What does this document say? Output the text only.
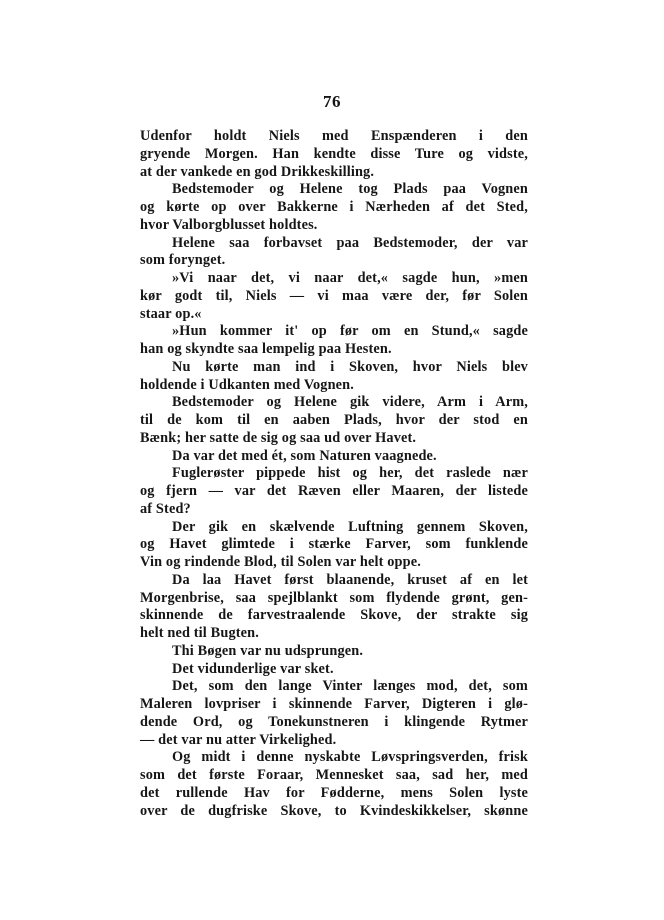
76
Udenfor holdt Niels med Enspænderen i den
gryende Morgen. Han kendte disse Ture og vidste,
at der vankede en god Drikkeskilling.
Bedstemoder og Helene tog Plads paa Vognen
og kørte op over Bakkerne i Nærheden af det Sted,
hvor Valborgblusset holdtes.
Helene saa forbavset paa Bedstemoder, der var
som forynget.
»Vi naar det, vi naar det,« sagde hun, »men
kør godt til, Niels — vi maa være der, før Solen
staar op.«
»Hun kommer it' op før om en Stund,« sagde
han og skyndte saa lempelig paa Hesten.
Nu kørte man ind i Skoven, hvor Niels blev
holdende i Udkanten med Vognen.
Bedstemoder og Helene gik videre, Arm i Arm,
til de kom til en aaben Plads, hvor der stod en
Bænk; her satte de sig og saa ud over Havet.
Da var det med ét, som Naturen vaagnede.
Fuglerøster pippede hist og her, det raslede nær
og fjern — var det Ræven eller Maaren, der listede
af Sted?
Der gik en skælvende Luftning gennem Skoven,
og Havet glimtede i stærke Farver, som funklende
Vin og rindende Blod, til Solen var helt oppe.
Da laa Havet først blaanende, kruset af en let
Morgenbrise, saa spejlblankt som flydende grønt, gen-
skinnende de farvestraalende Skove, der strakte sig
helt ned til Bugten.
Thi Bøgen var nu udsprungen.
Det vidunderlige var sket.
Det, som den lange Vinter længes mod, det, som
Maleren lovpriser i skinnende Farver, Digteren i glø-
dende Ord, og Tonekunstneren i klingende Rytmer
— det var nu atter Virkelighed.
Og midt i denne nyskabte Løvspringsverden, frisk
som det første Foraar, Mennesket saa, sad her, med
det rullende Hav for Fødderne, mens Solen lyste
over de dugfriske Skove, to Kvindeskikkelser, skønne
